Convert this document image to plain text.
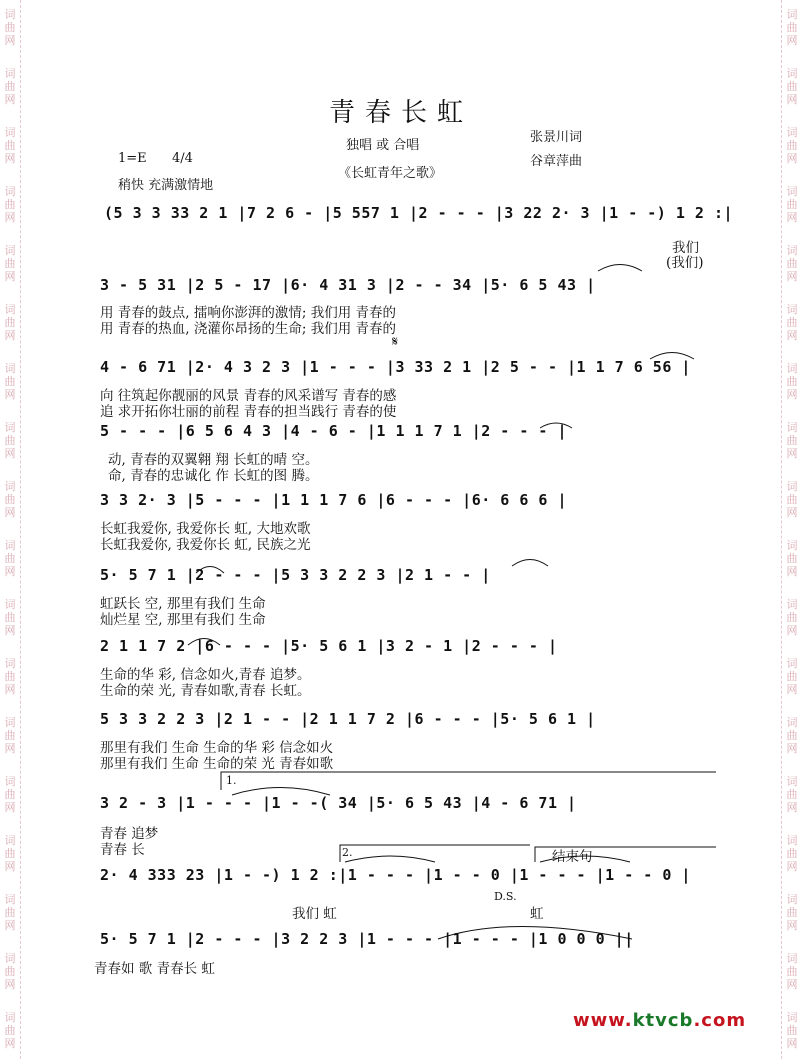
词
曲
网
词
曲
网
词
曲
网
词
曲
网
词
曲
网
词
曲
网
词
曲
网
词
曲
网
词
曲
网
词
曲
网
词
曲
网
词
曲
网
词
曲
网
词
曲
网
词
曲
网
词
曲
网
词
曲
网
词
曲
网
词
曲
网
词
曲
网
词
曲
网
词
曲
网
词
曲
网
词
曲
网
词
曲
网
词
曲
网
词
曲
网
词
曲
网
词
曲
网
词
曲
网
词
曲
网
词
曲
网
词
曲
网
词
曲
网
词
曲
网
词
曲
网
青春长虹
独唱 或 合唱
《长虹青年之歌》
张景川词
谷章萍曲
1=E 4/4
稍快 充满激情地
(5 3 3 33 2 1 |7 2 6 - |5 557 1 |2 - - - |3 22 2· 3 |1 - -) 1 2 :|
我们
(我们)
3 - 5 31 |2 5 - 17 |6· 4 31 3 |2 - - 34 |5· 6 5 43 |
用 青春的鼓点, 擂响你澎湃的激情; 我们用 青春的
用 青春的热血, 浇灌你昂扬的生命; 我们用 青春的
𝄋
4 - 6 71 |2· 4 3 2 3 |1 - - - |3 33 2 1 |2 5 - - |1 1 7 6 56 |
向 往筑起你靓丽的风景 青春的风采谱写 青春的感
追 求开拓你壮丽的前程 青春的担当践行 青春的使
5 - - - |6 5 6 4 3 |4 - 6 - |1 1 1 7 1 |2 - - - |
动, 青春的双翼翱 翔 长虹的晴 空。
命, 青春的忠诚化 作 长虹的图 腾。
3 3 2· 3 |5 - - - |1 1 1 7 6 |6 - - - |6· 6 6 6 |
长虹我爱你, 我爱你长 虹, 大地欢歌
长虹我爱你, 我爱你长 虹, 民族之光
5· 5 7 1 |2 - - - |5 3 3 2 2 3 |2 1 - - |
虹跃长 空, 那里有我们 生命
灿烂星 空, 那里有我们 生命
2 1 1 7 2 |6 - - - |5· 5 6 1 |3 2 - 1 |2 - - - |
生命的华 彩, 信念如火,青春 追梦。
生命的荣 光, 青春如歌,青春 长虹。
5 3 3 2 2 3 |2 1 - - |2 1 1 7 2 |6 - - - |5· 5 6 1 |
那里有我们 生命 生命的华 彩 信念如火
那里有我们 生命 生命的荣 光 青春如歌
1.
3 2 - 3 |1 - - - |1 - -( 34 |5· 6 5 43 |4 - 6 71 |
青春 追梦
青春 长	2.	结束句
2· 4 333 23 |1 - -) 1 2 :|1 - - - |1 - - 0 |1 - - - |1 - - 0 |
D.S.
我们 虹	虹
5· 5 7 1 |2 - - - |3 2 2 3 |1 - - - |1 - - - |1 0 0 0 ||
青春如 歌 青春长 虹
www.ktvcb.com
